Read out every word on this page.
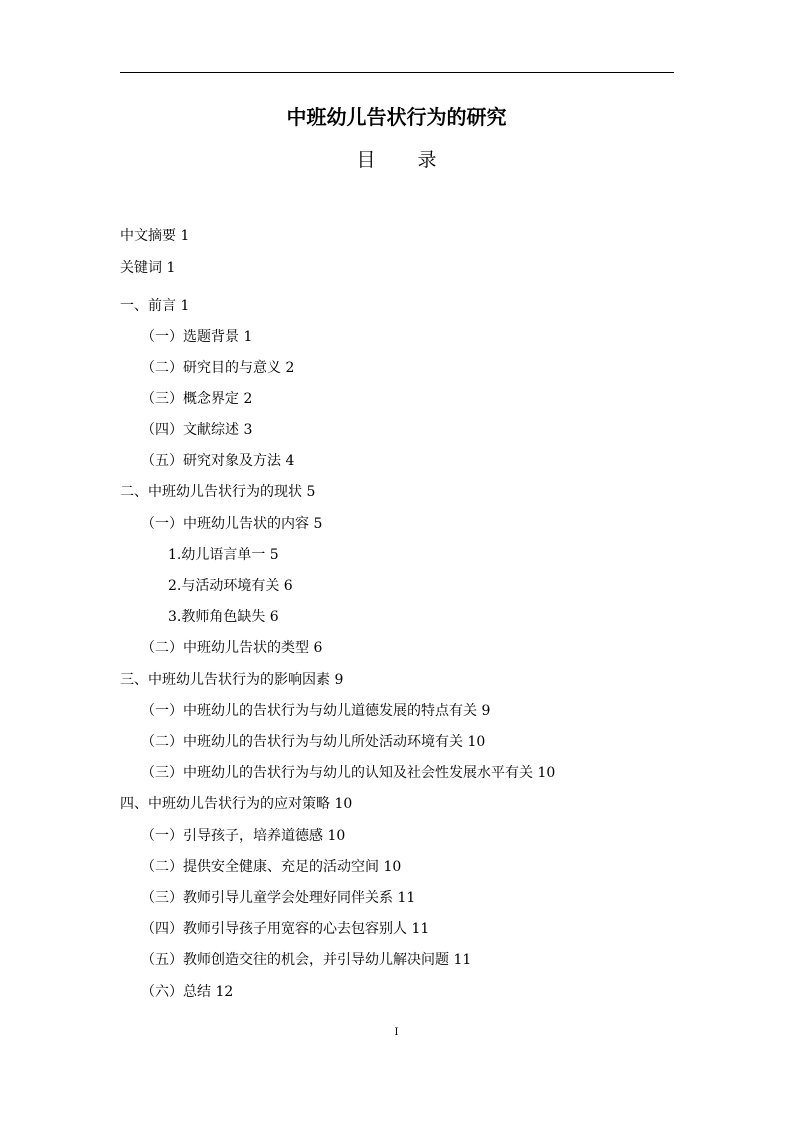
中班幼儿告状行为的研究
目 录
中文摘要 1
关键词 1
一、前言 1
（一）选题背景 1
（二）研究目的与意义 2
（三）概念界定 2
（四）文献综述 3
（五）研究对象及方法 4
二、中班幼儿告状行为的现状 5
（一）中班幼儿告状的内容 5
1.幼儿语言单一 5
2.与活动环境有关 6
3.教师角色缺失 6
（二）中班幼儿告状的类型 6
三、中班幼儿告状行为的影响因素 9
（一）中班幼儿的告状行为与幼儿道德发展的特点有关 9
（二）中班幼儿的告状行为与幼儿所处活动环境有关 10
（三）中班幼儿的告状行为与幼儿的认知及社会性发展水平有关 10
四、中班幼儿告状行为的应对策略 10
（一）引导孩子，培养道德感 10
（二）提供安全健康、充足的活动空间 10
（三）教师引导儿童学会处理好同伴关系 11
（四）教师引导孩子用宽容的心去包容别人 11
（五）教师创造交往的机会，并引导幼儿解决问题 11
（六）总结 12
I
